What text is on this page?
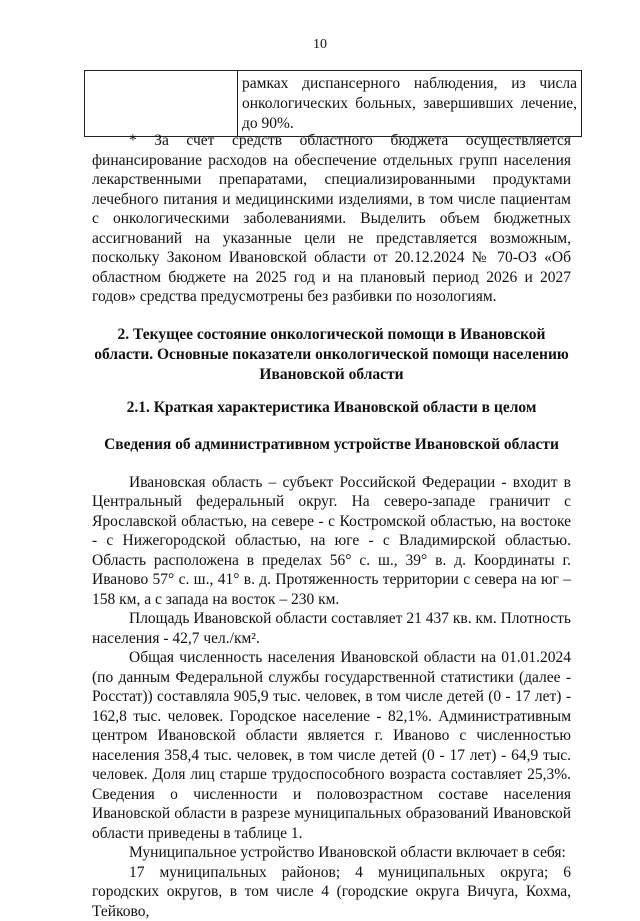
10
	рамках диспансерного наблюдения, из числа онкологических больных, завершивших лечение, до 90%.

* За счет средств областного бюджета осуществляется финансирование расходов на обеспечение отдельных групп населения лекарственными препаратами, специализированными продуктами лечебного питания и медицинскими изделиями, в том числе пациентам с онкологическими заболеваниями. Выделить объем бюджетных ассигнований на указанные цели не представляется возможным, поскольку Законом Ивановской области от 20.12.2024 № 70-ОЗ «Об областном бюджете на 2025 год и на плановый период 2026 и 2027 годов» средства предусмотрены без разбивки по нозологиям.

2. Текущее состояние онкологической помощи в Ивановской области. Основные показатели онкологической помощи населению Ивановской области
2.1. Краткая характеристика Ивановской области в целом
Сведения об административном устройстве Ивановской области

Ивановская область – субъект Российской Федерации - входит в Центральный федеральный округ. На северо-западе граничит с Ярославской областью, на севере - с Костромской областью, на востоке - с Нижегородской областью, на юге - с Владимирской областью. Область расположена в пределах 56° с. ш., 39° в. д. Координаты г. Иваново 57° с. ш., 41° в. д. Протяженность территории с севера на юг – 158 км, а с запада на восток – 230 км.

Площадь Ивановской области составляет 21 437 кв. км. Плотность населения - 42,7 чел./км².

Общая численность населения Ивановской области на 01.01.2024 (по данным Федеральной службы государственной статистики (далее - Росстат)) составляла 905,9 тыс. человек, в том числе детей (0 - 17 лет) - 162,8 тыс. человек. Городское население - 82,1%. Административным центром Ивановской области является г. Иваново с численностью населения 358,4 тыс. человек, в том числе детей (0 - 17 лет) - 64,9 тыс. человек. Доля лиц старше трудоспособного возраста составляет 25,3%. Сведения о численности и половозрастном составе населения Ивановской области в разрезе муниципальных образований Ивановской области приведены в таблице 1.

Муниципальное устройство Ивановской области включает в себя:

17 муниципальных районов; 4 муниципальных округа; 6 городских округов, в том числе 4 (городские округа Вичуга, Кохма, Тейково,
